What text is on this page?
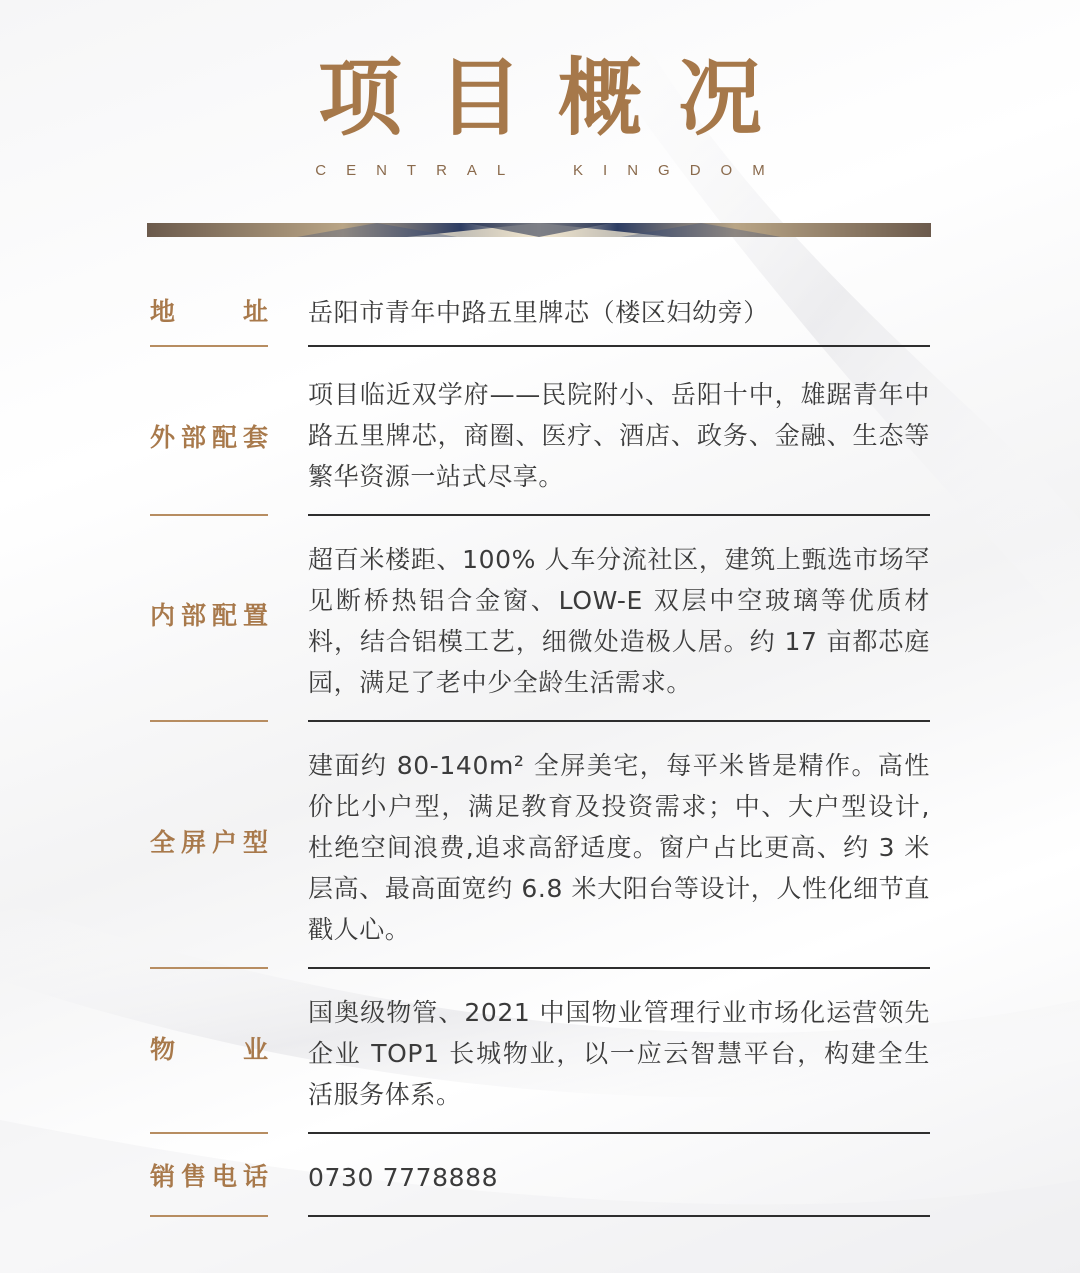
项目概况
CENTRAL  KINGDOM
地址 岳阳市青年中路五里牌芯（楼区妇幼旁）
外部配套
项目临近双学府——民院附小、岳阳十中，雄踞青年中路五里牌芯，商圈、医疗、酒店、政务、金融、生态等繁华资源一站式尽享。
内部配置
超百米楼距、100% 人车分流社区，建筑上甄选市场罕见断桥热铝合金窗、LOW-E 双层中空玻璃等优质材料，结合铝模工艺，细微处造极人居。约 17 亩都芯庭园，满足了老中少全龄生活需求。
全屏户型
建面约 80-140m² 全屏美宅，每平米皆是精作。高性价比小户型，满足教育及投资需求；中、大户型设计,杜绝空间浪费,追求高舒适度。窗户占比更高、约 3 米层高、最高面宽约 6.8 米大阳台等设计，人性化细节直戳人心。
物业
国奥级物管、2021 中国物业管理行业市场化运营领先企业 TOP1 长城物业，以一应云智慧平台，构建全生活服务体系。
销售电话 0730 7778888
